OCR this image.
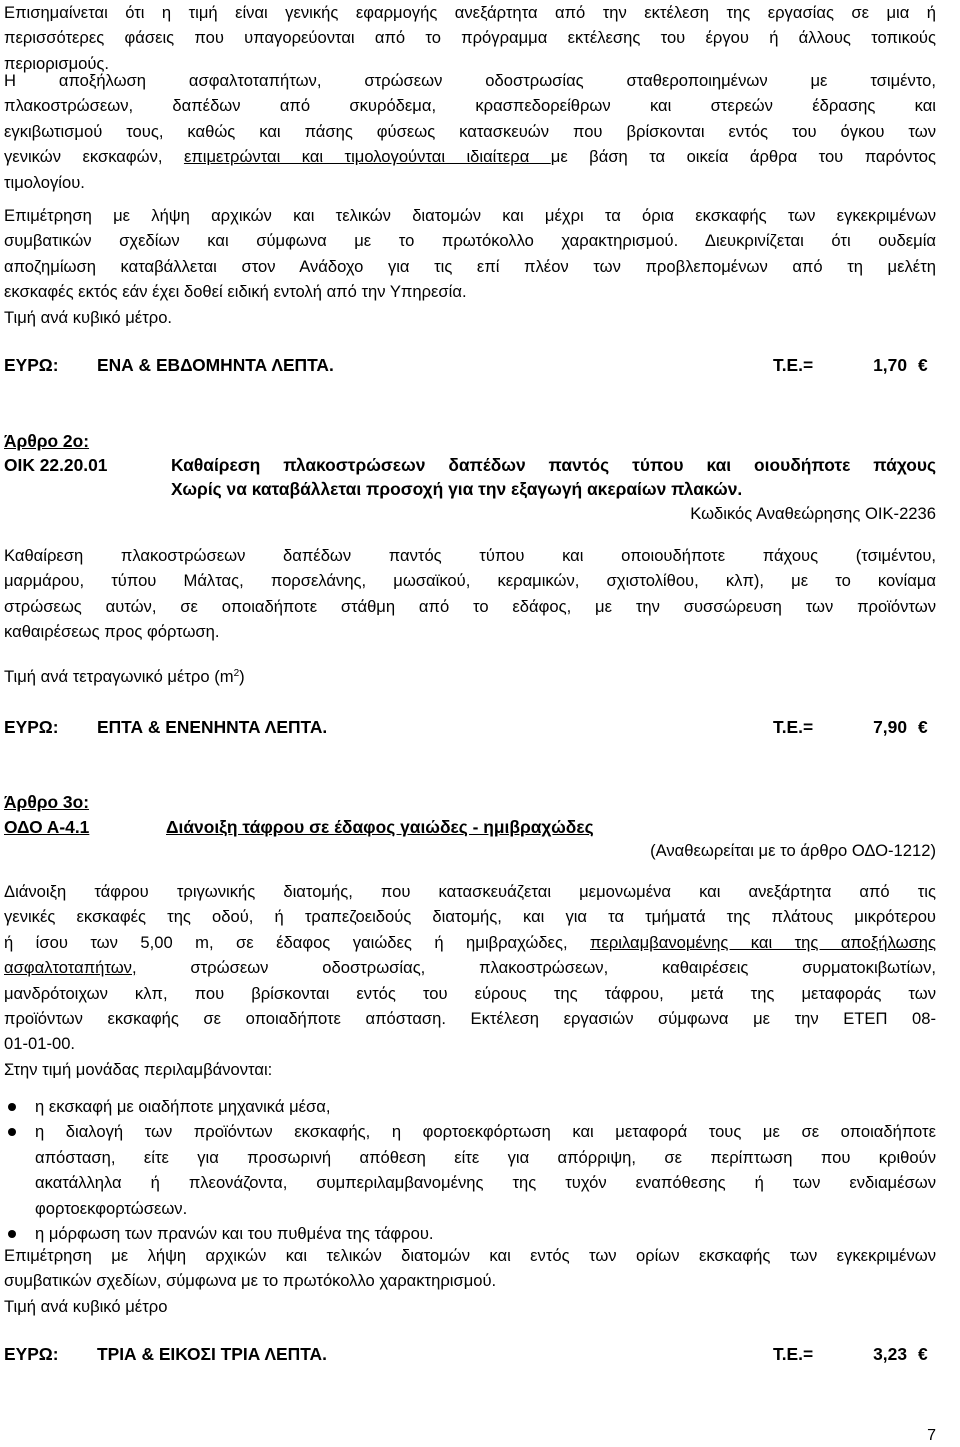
Επισημαίνεται ότι η τιμή είναι γενικής εφαρμογής ανεξάρτητα από την εκτέλεση της εργασίας σε μια ή
περισσότερες φάσεις που υπαγορεύονται από το πρόγραμμα εκτέλεσης του έργου ή άλλους τοπικούς
περιορισμούς.
Η αποξήλωση ασφαλτοταπήτων, στρώσεων οδοστρωσίας σταθεροποιημένων με τσιμέντο,
πλακοστρώσεων, δαπέδων από σκυρόδεμα, κρασπεδορείθρων και στερεών έδρασης και
εγκιβωτισμού τους, καθώς και πάσης φύσεως κατασκευών που βρίσκονται εντός του όγκου των
γενικών εκσκαφών, επιμετρώνται και τιμολογούνται ιδιαίτερα με βάση τα οικεία άρθρα του παρόντος
τιμολογίου.
Επιμέτρηση με λήψη αρχικών και τελικών διατομών και μέχρι τα όρια εκσκαφής των εγκεκριμένων
συμβατικών σχεδίων και σύμφωνα με το πρωτόκολλο χαρακτηρισμού. Διευκρινίζεται ότι ουδεμία
αποζημίωση καταβάλλεται στον Ανάδοχο για τις επί πλέον των προβλεπομένων από τη μελέτη
εκσκαφές εκτός εάν έχει δοθεί ειδική εντολή από την Υπηρεσία.
Τιμή ανά κυβικό μέτρο.
ΕΥΡΩ: ΕΝΑ & ΕΒΔΟΜΗΝΤΑ ΛΕΠΤΑ.	Τ.Ε.=	1,70 €
Άρθρο 2ο:
ΟΙΚ 22.20.01	Καθαίρεση πλακοστρώσεων δαπέδων παντός τύπου και οιουδήποτε πάχους
Χωρίς να καταβάλλεται προσοχή για την εξαγωγή ακεραίων πλακών.
Κωδικός Αναθεώρησης ΟΙΚ-2236
Καθαίρεση πλακοστρώσεων δαπέδων παντός τύπου και οποιουδήποτε πάχους (τσιμέντου,
μαρμάρου, τύπου Μάλτας, πορσελάνης, μωσαϊκού, κεραμικών, σχιστολίθου, κλπ), με το κονίαμα
στρώσεως αυτών, σε οποιαδήποτε στάθμη από το εδάφος, με την συσσώρευση των προϊόντων
καθαιρέσεως προς φόρτωση.
Τιμή ανά τετραγωνικό μέτρο $(m^2)$
ΕΥΡΩ: ΕΠΤΑ & ΕΝΕΝΗΝΤΑ ΛΕΠΤΑ.	Τ.Ε.=	7,90 €
Άρθρο 3ο:
ΟΔΟ Α-4.1	Διάνοιξη τάφρου σε έδαφος γαιώδες - ημιβραχώδες
(Αναθεωρείται με το άρθρο ΟΔΟ-1212)
Διάνοιξη τάφρου τριγωνικής διατομής, που κατασκευάζεται μεμονωμένα και ανεξάρτητα από τις
γενικές εκσκαφές της οδού, ή τραπεζοειδούς διατομής, και για τα τμήματά της πλάτους μικρότερου
ή ίσου των 5,00 m, σε έδαφος γαιώδες ή ημιβραχώδες, περιλαμβανομένης και της αποξήλωσης
ασφαλτοταπήτων, στρώσεων οδοστρωσίας, πλακοστρώσεων, καθαιρέσεις συρματοκιβωτίων,
μανδρότοιχων κλπ, που βρίσκονται εντός του εύρους της τάφρου, μετά της μεταφοράς των
προϊόντων εκσκαφής σε οποιαδήποτε απόσταση. Εκτέλεση εργασιών σύμφωνα με την ΕΤΕΠ 08-
01-01-00.
Στην τιμή μονάδας περιλαμβάνονται:
η εκσκαφή με οιαδήποτε μηχανικά μέσα,
η διαλογή των προϊόντων εκσκαφής, η φορτοεκφόρτωση και μεταφορά τους με σε οποιαδήποτε
απόσταση, είτε για προσωρινή απόθεση είτε για απόρριψη, σε περίπτωση που κριθούν
ακατάλληλα ή πλεονάζοντα, συμπεριλαμβανομένης της τυχόν εναπόθεσης ή των ενδιαμέσων
φορτοεκφορτώσεων.
η μόρφωση των πρανών και του πυθμένα της τάφρου.
Επιμέτρηση με λήψη αρχικών και τελικών διατομών και εντός των ορίων εκσκαφής των εγκεκριμένων
συμβατικών σχεδίων, σύμφωνα με το πρωτόκολλο χαρακτηρισμού.
Τιμή ανά κυβικό μέτρο
ΕΥΡΩ: ΤΡΙΑ & ΕΙΚΟΣΙ ΤΡΙΑ ΛΕΠΤΑ.	Τ.Ε.=	3,23 €
7
